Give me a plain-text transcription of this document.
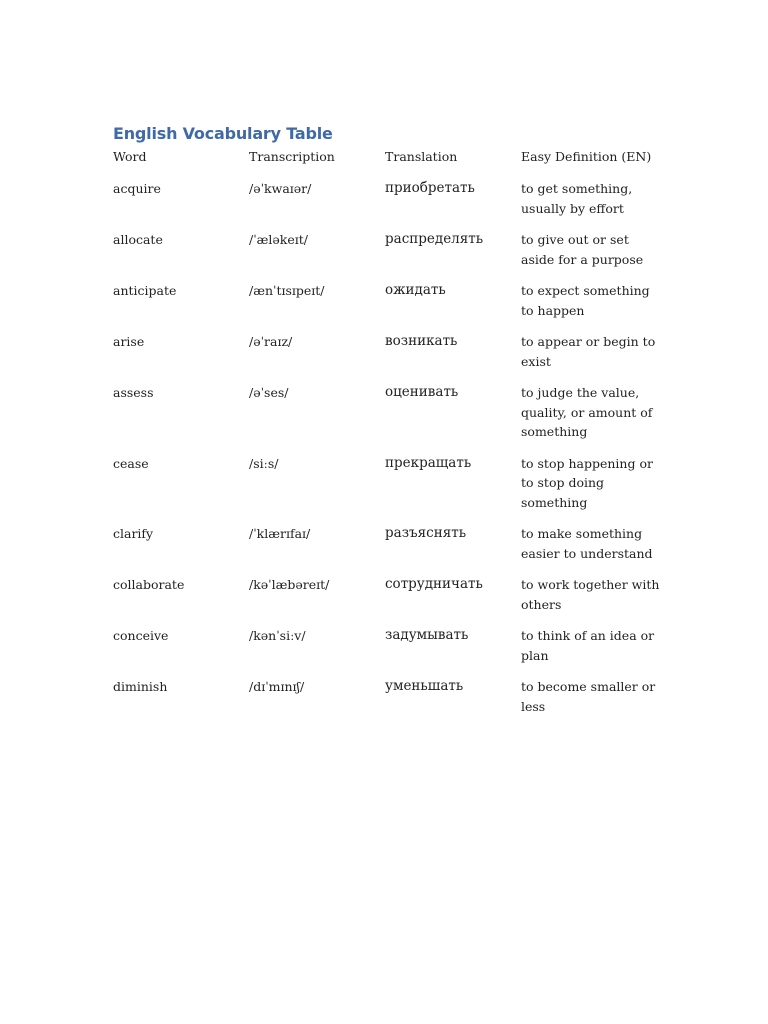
English Vocabulary Table
Word	Transcription	Translation	Easy Definition (EN)
acquire	/əˈkwaɪər/	приобретать	to get something, usually by effort
allocate	/ˈæləkeɪt/	распределять	to give out or set aside for a purpose
anticipate	/ænˈtɪsɪpeɪt/	ожидать	to expect something to happen
arise	/əˈraɪz/	возникать	to appear or begin to exist
assess	/əˈses/	оценивать	to judge the value, quality, or amount of something
cease	/siːs/	прекращать	to stop happening or to stop doing something
clarify	/ˈklærɪfaɪ/	разъяснять	to make something easier to understand
collaborate	/kəˈlæbəreɪt/	сотрудничать	to work together with others
conceive	/kənˈsiːv/	задумывать	to think of an idea or plan
diminish	/dɪˈmɪnɪʃ/	уменьшать	to become smaller or less
